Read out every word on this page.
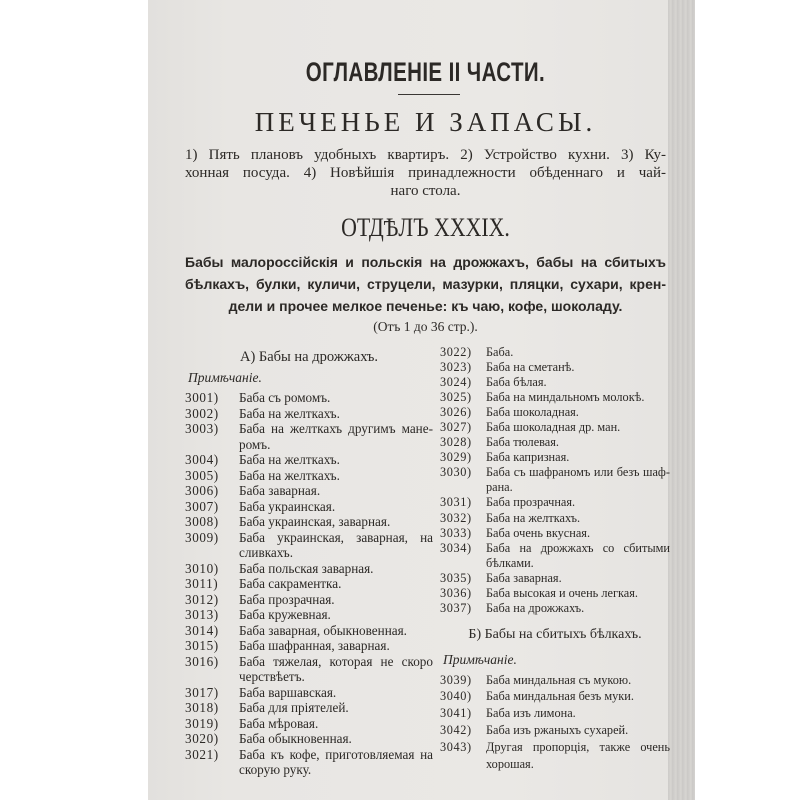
ОГЛАВЛЕНІЕ II ЧАСТИ.
ПЕЧЕНЬЕ И ЗАПАСЫ.
1) Пять плановъ удобныхъ квартиръ. 2) Устройство кухни. 3) Ку-
хонная посуда. 4) Новѣйшія принадлежности обѣденнаго и чай-
наго стола.
ОТДѢЛЪ XXXIX.
Бабы малороссійскія и польскія на дрожжахъ, бабы на сбитыхъ
бѣлкахъ, булки, куличи, струцели, мазурки, пляцки, сухари, крен-
дели и прочее мелкое печенье: къ чаю, кофе, шоколаду.
(Отъ 1 до 36 стр.).
А) Бабы на дрожжахъ.
Примѣчаніе.
3001)	Баба съ ромомъ.
3002)	Баба на желткахъ.
3003)	Баба на желткахъ другимъ мане-
ромъ.
3004)	Баба на желткахъ.
3005)	Баба на желткахъ.
3006)	Баба заварная.
3007)	Баба украинская.
3008)	Баба украинская, заварная.
3009)	Баба украинская, заварная, на
сливкахъ.
3010)	Баба польская заварная.
3011)	Баба сакраментка.
3012)	Баба прозрачная.
3013)	Баба кружевная.
3014)	Баба заварная, обыкновенная.
3015)	Баба шафранная, заварная.
3016)	Баба тяжелая, которая не скоро
черствѣетъ.
3017)	Баба варшавская.
3018)	Баба для пріятелей.
3019)	Баба мѣровая.
3020)	Баба обыкновенная.
3021)	Баба къ кофе, приготовляемая на
скорую руку.
3022)	Баба.
3023)	Баба на сметанѣ.
3024)	Баба бѣлая.
3025)	Баба на миндальномъ молокѣ.
3026)	Баба шоколадная.
3027)	Баба шоколадная др. ман.
3028)	Баба тюлевая.
3029)	Баба капризная.
3030)	Баба съ шафраномъ или безъ шаф-
рана.
3031)	Баба прозрачная.
3032)	Баба на желткахъ.
3033)	Баба очень вкусная.
3034)	Баба на дрожжахъ со сбитыми
бѣлками.
3035)	Баба заварная.
3036)	Баба высокая и очень легкая.
3037)	Баба на дрожжахъ.
Б) Бабы на сбитыхъ бѣлкахъ.
Примѣчаніе.
3039)	Баба миндальная съ мукою.
3040)	Баба миндальная безъ муки.
3041)	Баба изъ лимона.
3042)	Баба изъ ржаныхъ сухарей.
3043)	Другая пропорція, также очень
хорошая.
